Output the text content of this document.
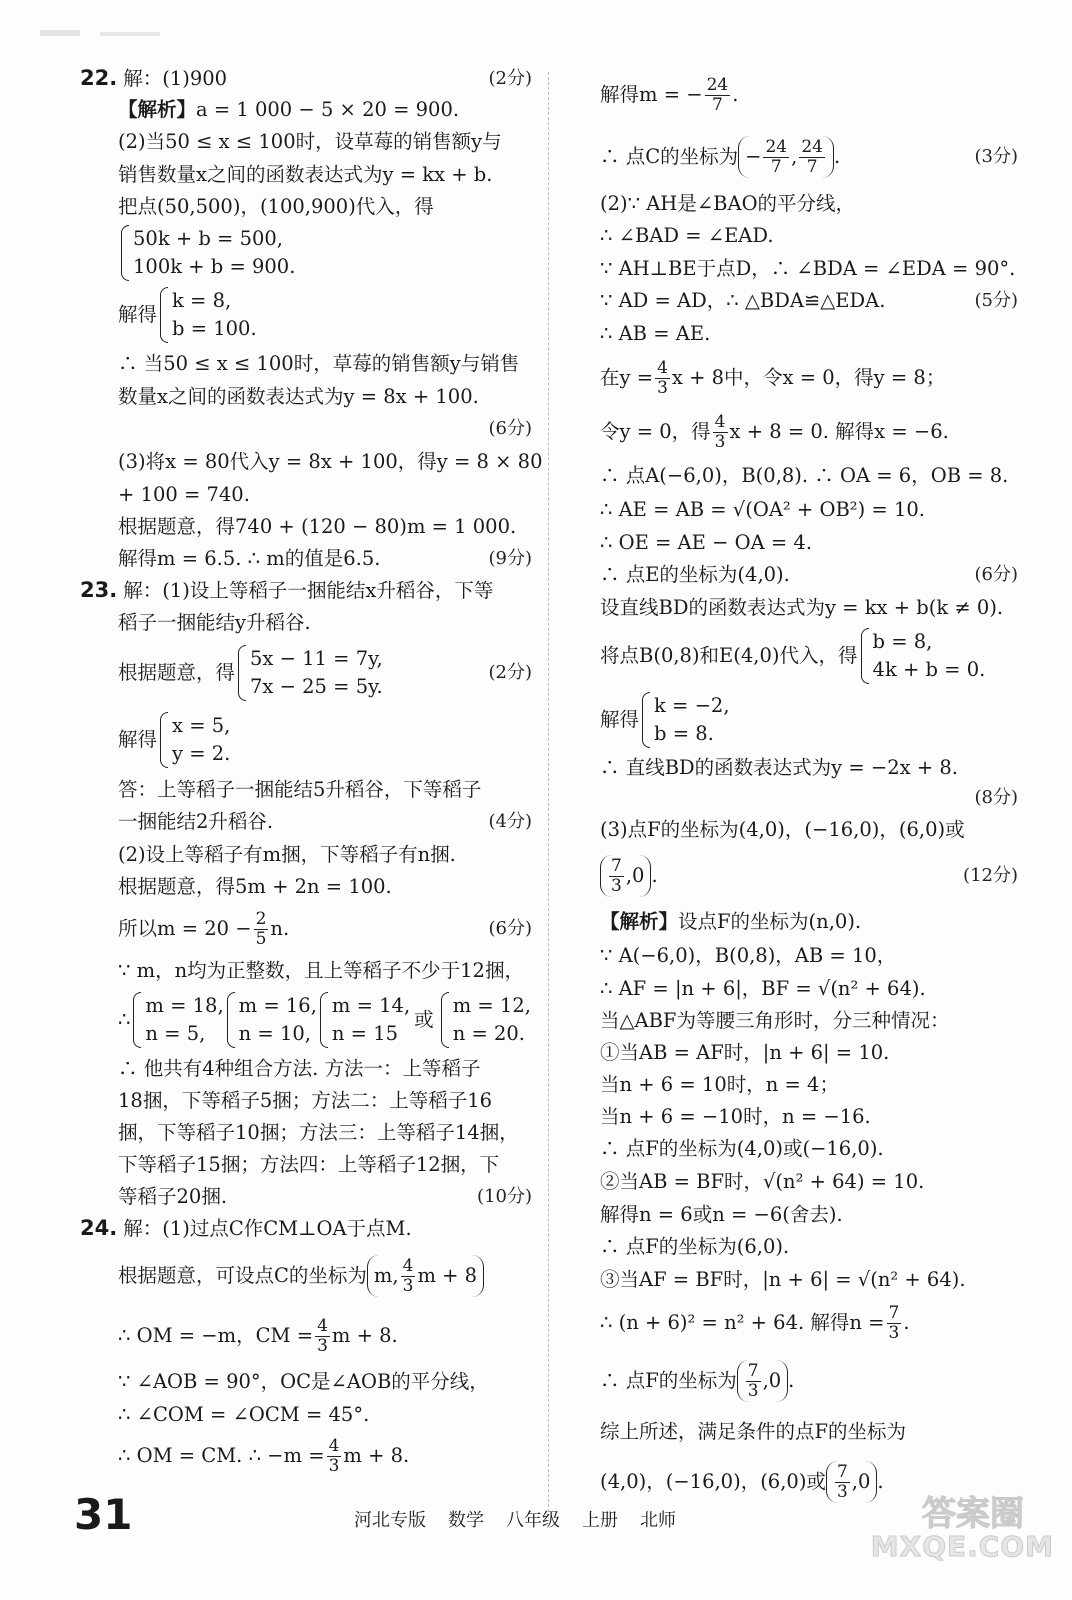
22. 解：(1)900	(2分)
【解析】 a = 1 000 − 5 × 20 = 900.
(2)当50 ≤ x ≤ 100时，设草莓的销售额y与
销售数量x之间的函数表达式为y = kx + b.
把点(50,500)，(100,900)代入，得
50k + b = 500,
100k + b = 900.
解得
k = 8,
b = 100.
∴ 当50 ≤ x ≤ 100时，草莓的销售额y与销售
数量x之间的函数表达式为y = 8x + 100.
(6分)
(3)将x = 80代入y = 8x + 100，得y = 8 × 80
+ 100 = 740.
根据题意，得740 + (120 − 80)m = 1 000.
解得m = 6.5. ∴ m的值是6.5.	(9分)
23. 解：(1)设上等稻子一捆能结x升稻谷，下等
稻子一捆能结y升稻谷.
根据题意，得
5x − 11 = 7y,
7x − 25 = 5y.
(2分)
解得
x = 5,
y = 2.
答：上等稻子一捆能结5升稻谷，下等稻子
一捆能结2升稻谷.	(4分)
(2)设上等稻子有m捆，下等稻子有n捆.
根据题意，得5m + 2n = 100.
所以$m = 20 - \frac{2}{5} n$.	(6分)
∵ m，n均为正整数，且上等稻子不少于12捆，
∴
m = 18,
n = 5,
m = 16,
n = 10,
m = 14,
n = 15
或
m = 12,
n = 20.
∴ 他共有4种组合方法. 方法一：上等稻子
18捆，下等稻子5捆；方法二：上等稻子16
捆，下等稻子10捆；方法三：上等稻子14捆，
下等稻子15捆；方法四：上等稻子12捆，下
等稻子20捆.	(10分)
24. 解：(1)过点C作CM⊥OA于点M.
根据题意，可设点C的坐标为 m, $\frac{4}{3}$ m + 8
∴ OM = −m，CM = $\frac{4}{3}$ m + 8.
∵ ∠AOB = 90°，OC是∠AOB的平分线，
∴ ∠COM = ∠OCM = 45°.
∴ OM = CM. ∴ $-m = \frac{4}{3}$ m + 8.
解得m = − $\frac{24}{7}$ .
∴ 点C的坐标为 − $\frac{24}{7}$ , $\frac{24}{7}$ .	(3分)
(2)∵ AH是∠BAO的平分线，
∴ ∠BAD = ∠EAD.
∵ AH⊥BE于点D，∴ ∠BDA = ∠EDA = 90°.
∵ AD = AD，∴ △BDA≌△EDA.	(5分)
∴ AB = AE.
在$y = \frac{4}{3}$ x + 8中，令x = 0，得y = 8；
令y = 0，得 $\frac{4}{3}$ x + 8 = 0. 解得x = −6.
∴ 点A(−6,0)，B(0,8). ∴ OA = 6，OB = 8.
∴ AE = AB = √(OA² + OB²) = 10.
∴ OE = AE − OA = 4.
∴ 点E的坐标为(4,0).	(6分)
设直线BD的函数表达式为y = kx + b(k ≠ 0).
将点B(0,8)和E(4,0)代入，得
b = 8,
4k + b = 0.
解得
k = −2,
b = 8.
∴ 直线BD的函数表达式为y = −2x + 8.
(8分)
(3)点F的坐标为(4,0)，(−16,0)，(6,0)或
$\frac{7}{3} ,0$ .	(12分)
【解析】 设点F的坐标为(n,0).
∵ A(−6,0)，B(0,8)，AB = 10，
∴ AF = |n + 6|，BF = √(n² + 64).
当△ABF为等腰三角形时，分三种情况：
①当AB = AF时，|n + 6| = 10.
当n + 6 = 10时，n = 4；
当n + 6 = −10时，n = −16.
∴ 点F的坐标为(4,0)或(−16,0).
②当AB = BF时，√(n² + 64) = 10.
解得n = 6或n = −6(舍去).
∴ 点F的坐标为(6,0).
③当AF = BF时，|n + 6| = √(n² + 64).
∴ (n + 6)² = n² + 64. 解得$n = \frac{7}{3}$ .
∴ 点F的坐标为 $\frac{7}{3} ,0$ .
综上所述，满足条件的点F的坐标为
(4,0)，(−16,0)，(6,0)或 $\frac{7}{3} ,0$ .
31	河北专版 数学 八年级 上册 北师	答案圈
MXQE.COM
